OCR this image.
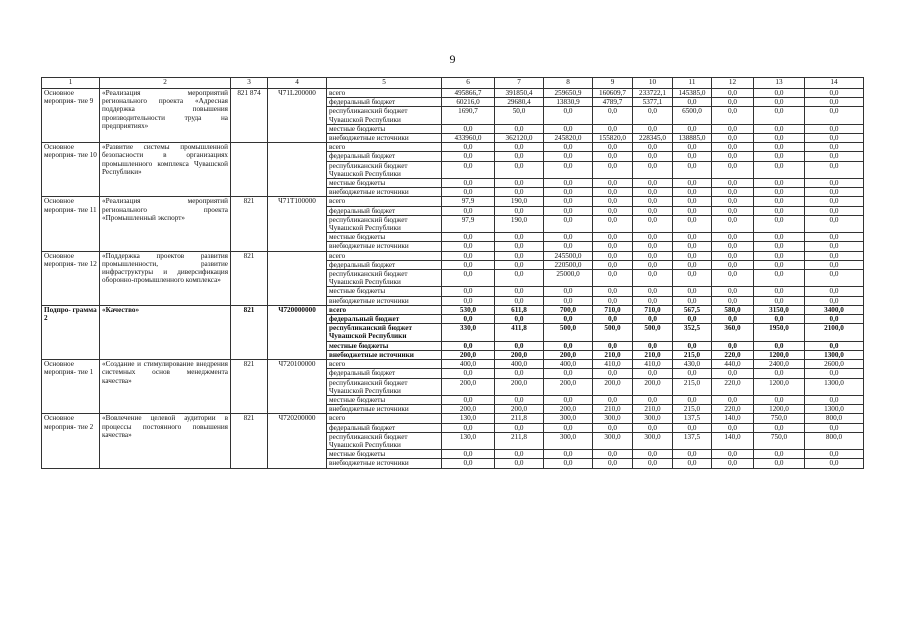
9
1	2	3	4	5	6	7	8	9	10	11	12	13	14
Основное мероприя- тие 9	«Реализация мероприятий регионального проекта «Адресная поддержка повышения производительности труда на предприятиях»	821 874	Ч71L200000	всего	495866,7	391850,4	259650,9	160609,7	233722,1	145385,0	0,0	0,0	0,0
				федеральный бюджет	60216,0	29680,4	13830,9	4789,7	5377,1	0,0	0,0	0,0	0,0
				республиканский бюджет Чувашской Республики	1690,7	50,0	0,0	0,0	0,0	6500,0	0,0	0,0	0,0
				местные бюджеты	0,0	0,0	0,0	0,0	0,0	0,0	0,0	0,0	0,0
				внебюджетные источники	433960,0	362120,0	245820,0	155820,0	228345,0	138885,0	0,0	0,0	0,0
Основное мероприя- тие 10	«Развитие системы промышленной безопасности в организациях промышленного комплекса Чувашской Республики»			всего	0,0	0,0	0,0	0,0	0,0	0,0	0,0	0,0	0,0
				федеральный бюджет	0,0	0,0	0,0	0,0	0,0	0,0	0,0	0,0	0,0
				республиканский бюджет Чувашской Республики	0,0	0,0	0,0	0,0	0,0	0,0	0,0	0,0	0,0
				местные бюджеты	0,0	0,0	0,0	0,0	0,0	0,0	0,0	0,0	0,0
				внебюджетные источники	0,0	0,0	0,0	0,0	0,0	0,0	0,0	0,0	0,0
Основное мероприя- тие 11	«Реализация мероприятий регионального проекта «Промышленный экспорт»	821	Ч71Т100000	всего	97,9	190,0	0,0	0,0	0,0	0,0	0,0	0,0	0,0
				федеральный бюджет	0,0	0,0	0,0	0,0	0,0	0,0	0,0	0,0	0,0
				республиканский бюджет Чувашской Республики	97,9	190,0	0,0	0,0	0,0	0,0	0,0	0,0	0,0
				местные бюджеты	0,0	0,0	0,0	0,0	0,0	0,0	0,0	0,0	0,0
				внебюджетные источники	0,0	0,0	0,0	0,0	0,0	0,0	0,0	0,0	0,0
Основное мероприя- тие 12	«Поддержка проектов развития промышленности, развитие инфраструктуры и диверсификация оборонно-промышленного комплекса»	821		всего	0,0	0,0	245500,0	0,0	0,0	0,0	0,0	0,0	0,0
				федеральный бюджет	0,0	0,0	220500,0	0,0	0,0	0,0	0,0	0,0	0,0
				республиканский бюджет Чувашской Республики	0,0	0,0	25000,0	0,0	0,0	0,0	0,0	0,0	0,0
				местные бюджеты	0,0	0,0	0,0	0,0	0,0	0,0	0,0	0,0	0,0
				внебюджетные источники	0,0	0,0	0,0	0,0	0,0	0,0	0,0	0,0	0,0
Подпро- грамма 2	«Качество»	821	Ч720000000	всего	530,0	611,8	700,0	710,0	710,0	567,5	580,0	3150,0	3400,0
				федеральный бюджет	0,0	0,0	0,0	0,0	0,0	0,0	0,0	0,0	0,0
				республиканский бюджет Чувашской Республики	330,0	411,8	500,0	500,0	500,0	352,5	360,0	1950,0	2100,0
				местные бюджеты	0,0	0,0	0,0	0,0	0,0	0,0	0,0	0,0	0,0
				внебюджетные источники	200,0	200,0	200,0	210,0	210,0	215,0	220,0	1200,0	1300,0
Основное мероприя- тие 1	«Создание и стимулирование внедрения системных основ менеджмента качества»	821	Ч720100000	всего	400,0	400,0	400,0	410,0	410,0	430,0	440,0	2400,0	2600,0
				федеральный бюджет	0,0	0,0	0,0	0,0	0,0	0,0	0,0	0,0	0,0
				республиканский бюджет Чувашской Республики	200,0	200,0	200,0	200,0	200,0	215,0	220,0	1200,0	1300,0
				местные бюджеты	0,0	0,0	0,0	0,0	0,0	0,0	0,0	0,0	0,0
				внебюджетные источники	200,0	200,0	200,0	210,0	210,0	215,0	220,0	1200,0	1300,0
Основное мероприя- тие 2	«Вовлечение целевой аудитории в процессы постоянного повышения качества»	821	Ч720200000	всего	130,0	211,8	300,0	300,0	300,0	137,5	140,0	750,0	800,0
				федеральный бюджет	0,0	0,0	0,0	0,0	0,0	0,0	0,0	0,0	0,0
				республиканский бюджет Чувашской Республики	130,0	211,8	300,0	300,0	300,0	137,5	140,0	750,0	800,0
				местные бюджеты	0,0	0,0	0,0	0,0	0,0	0,0	0,0	0,0	0,0
				внебюджетные источники	0,0	0,0	0,0	0,0	0,0	0,0	0,0	0,0	0,0
